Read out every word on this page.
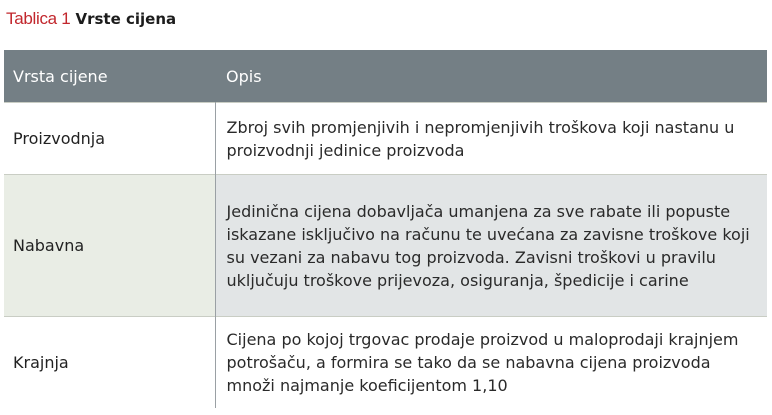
Tablica 1 Vrste cijena
Vrsta cijene	Opis
Proizvodnja	Zbroj svih promjenjivih i nepromjenjivih troškova koji nastanu u proizvodnji jedinice proizvoda
Nabavna	Jedinična cijena dobavljača umanjena za sve rabate ili popuste iskazane isključivo na računu te uvećana za zavisne troškove koji su vezani za nabavu tog proizvoda. Zavisni troškovi u pravilu uključuju troškove prijevoza, osiguranja, špedicije i carine
Krajnja	Cijena po kojoj trgovac prodaje proizvod u maloprodaji krajnjem potrošaču, a formira se tako da se nabavna cijena proizvoda množi najmanje koeficijentom 1,10
